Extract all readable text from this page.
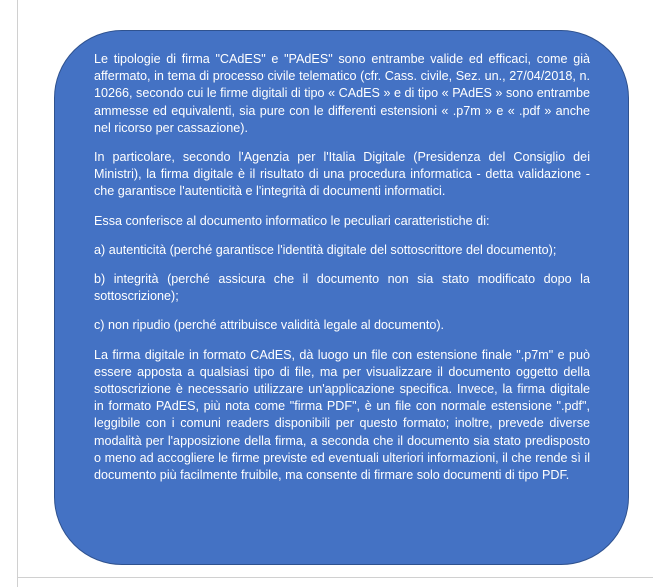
Le tipologie di firma "CAdES" e "PAdES" sono entrambe valide ed efficaci, come già affermato, in tema di processo civile telematico (cfr. Cass. civile, Sez. un., 27/04/2018, n. 10266, secondo cui le firme digitali di tipo « CAdES » e di tipo « PAdES » sono entrambe ammesse ed equivalenti, sia pure con le differenti estensioni « .p7m » e « .pdf » anche nel ricorso per cassazione).

In particolare, secondo l'Agenzia per l'Italia Digitale (Presidenza del Consiglio dei Ministri), la firma digitale è il risultato di una procedura informatica - detta validazione - che garantisce l'autenticità e l'integrità di documenti informatici.

Essa conferisce al documento informatico le peculiari caratteristiche di:

a) autenticità (perché garantisce l'identità digitale del sottoscrittore del documento);

b) integrità (perché assicura che il documento non sia stato modificato dopo la sottoscrizione);

c) non ripudio (perché attribuisce validità legale al documento).

La firma digitale in formato CAdES, dà luogo un file con estensione finale ".p7m" e può essere apposta a qualsiasi tipo di file, ma per visualizzare il documento oggetto della sottoscrizione è necessario utilizzare un'applicazione specifica. Invece, la firma digitale in formato PAdES, più nota come "firma PDF", è un file con normale estensione ".pdf", leggibile con i comuni readers disponibili per questo formato; inoltre, prevede diverse modalità per l'apposizione della firma, a seconda che il documento sia stato predisposto o meno ad accogliere le firme previste ed eventuali ulteriori informazioni, il che rende sì il documento più facilmente fruibile, ma consente di firmare solo documenti di tipo PDF.
